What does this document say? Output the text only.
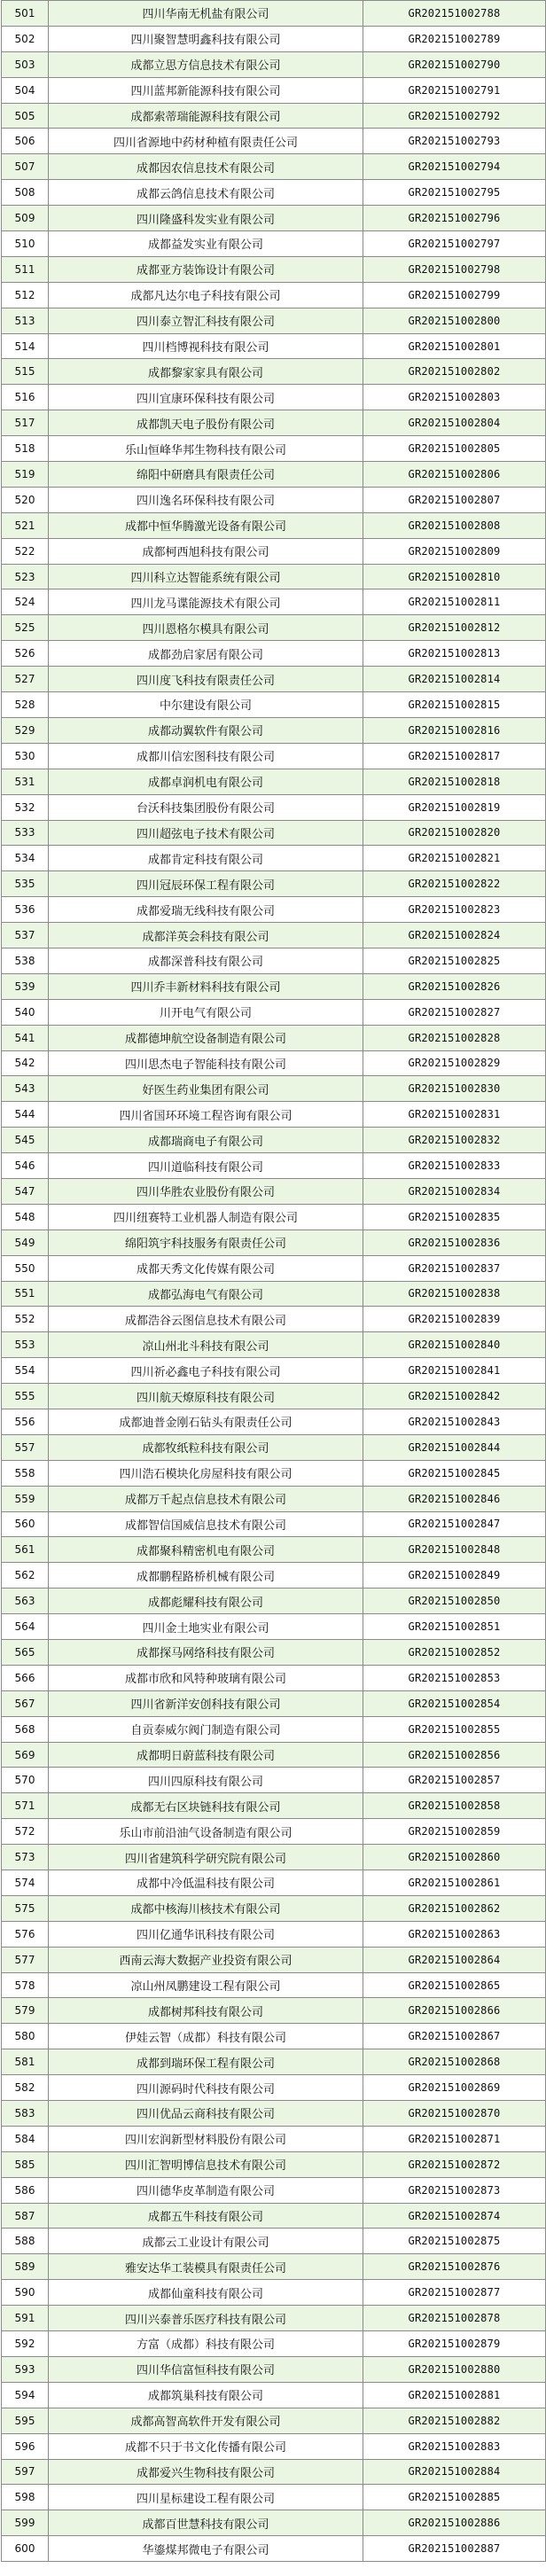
501	四川华南无机盐有限公司	GR202151002788
502	四川聚智慧明鑫科技有限公司	GR202151002789
503	成都立思方信息技术有限公司	GR202151002790
504	四川蓝邦新能源科技有限公司	GR202151002791
505	成都索蒂瑞能源科技有限公司	GR202151002792
506	四川省源地中药材种植有限责任公司	GR202151002793
507	成都因农信息技术有限公司	GR202151002794
508	成都云鸽信息技术有限公司	GR202151002795
509	四川隆盛科发实业有限公司	GR202151002796
510	成都益发实业有限公司	GR202151002797
511	成都亚方装饰设计有限公司	GR202151002798
512	成都凡达尔电子科技有限公司	GR202151002799
513	四川泰立智汇科技有限公司	GR202151002800
514	四川档博视科技有限公司	GR202151002801
515	成都黎家家具有限公司	GR202151002802
516	四川宜康环保科技有限公司	GR202151002803
517	成都凯天电子股份有限公司	GR202151002804
518	乐山恒峰华邦生物科技有限公司	GR202151002805
519	绵阳中研磨具有限责任公司	GR202151002806
520	四川逸名环保科技有限公司	GR202151002807
521	成都中恒华腾激光设备有限公司	GR202151002808
522	成都柯西旭科技有限公司	GR202151002809
523	四川科立达智能系统有限公司	GR202151002810
524	四川龙马谍能源技术有限公司	GR202151002811
525	四川恩格尔模具有限公司	GR202151002812
526	成都劲启家居有限公司	GR202151002813
527	四川度飞科技有限责任公司	GR202151002814
528	中尔建设有限公司	GR202151002815
529	成都动翼软件有限公司	GR202151002816
530	成都川信宏图科技有限公司	GR202151002817
531	成都卓润机电有限公司	GR202151002818
532	台沃科技集团股份有限公司	GR202151002819
533	四川超弦电子技术有限公司	GR202151002820
534	成都肯定科技有限公司	GR202151002821
535	四川冠辰环保工程有限公司	GR202151002822
536	成都爱瑞无线科技有限公司	GR202151002823
537	成都洋英会科技有限公司	GR202151002824
538	成都深普科技有限公司	GR202151002825
539	四川乔丰新材料科技有限公司	GR202151002826
540	川开电气有限公司	GR202151002827
541	成都德坤航空设备制造有限公司	GR202151002828
542	四川思杰电子智能科技有限公司	GR202151002829
543	好医生药业集团有限公司	GR202151002830
544	四川省国环环境工程咨询有限公司	GR202151002831
545	成都瑞商电子有限公司	GR202151002832
546	四川道临科技有限公司	GR202151002833
547	四川华胜农业股份有限公司	GR202151002834
548	四川纽赛特工业机器人制造有限公司	GR202151002835
549	绵阳筑宇科技服务有限责任公司	GR202151002836
550	成都天秀文化传媒有限公司	GR202151002837
551	成都弘海电气有限公司	GR202151002838
552	成都浩谷云图信息技术有限公司	GR202151002839
553	凉山州北斗科技有限公司	GR202151002840
554	四川祈必鑫电子科技有限公司	GR202151002841
555	四川航天燎原科技有限公司	GR202151002842
556	成都迪普金刚石钻头有限责任公司	GR202151002843
557	成都牧纸粒科技有限公司	GR202151002844
558	四川浩石模块化房屋科技有限公司	GR202151002845
559	成都万千起点信息技术有限公司	GR202151002846
560	成都智信国威信息技术有限公司	GR202151002847
561	成都聚科精密机电有限公司	GR202151002848
562	成都鹏程路桥机械有限公司	GR202151002849
563	成都彪耀科技有限公司	GR202151002850
564	四川金土地实业有限公司	GR202151002851
565	成都探马网络科技有限公司	GR202151002852
566	成都市欣和风特种玻璃有限公司	GR202151002853
567	四川省新洋安创科技有限公司	GR202151002854
568	自贡泰威尔阀门制造有限公司	GR202151002855
569	成都明日蔚蓝科技有限公司	GR202151002856
570	四川四原科技有限公司	GR202151002857
571	成都无右区块链科技有限公司	GR202151002858
572	乐山市前沿油气设备制造有限公司	GR202151002859
573	四川省建筑科学研究院有限公司	GR202151002860
574	成都中冷低温科技有限公司	GR202151002861
575	成都中核海川核技术有限公司	GR202151002862
576	四川亿通华讯科技有限公司	GR202151002863
577	西南云海大数据产业投资有限公司	GR202151002864
578	凉山州凤鹏建设工程有限公司	GR202151002865
579	成都树邦科技有限公司	GR202151002866
580	伊娃云智（成都）科技有限公司	GR202151002867
581	成都到瑞环保工程有限公司	GR202151002868
582	四川源码时代科技有限公司	GR202151002869
583	四川优品云商科技有限公司	GR202151002870
584	四川宏润新型材料股份有限公司	GR202151002871
585	四川汇智明博信息技术有限公司	GR202151002872
586	四川德华皮革制造有限公司	GR202151002873
587	成都五牛科技有限公司	GR202151002874
588	成都云工业设计有限公司	GR202151002875
589	雅安达华工装模具有限责任公司	GR202151002876
590	成都仙童科技有限公司	GR202151002877
591	四川兴泰普乐医疗科技有限公司	GR202151002878
592	方富（成都）科技有限公司	GR202151002879
593	四川华信富恒科技有限公司	GR202151002880
594	成都筑巢科技有限公司	GR202151002881
595	成都高智高软件开发有限公司	GR202151002882
596	成都不只于书文化传播有限公司	GR202151002883
597	成都爱兴生物科技有限公司	GR202151002884
598	四川星标建设工程有限公司	GR202151002885
599	成都百世慧科技有限公司	GR202151002886
600	华鎏煤邦微电子有限公司	GR202151002887
